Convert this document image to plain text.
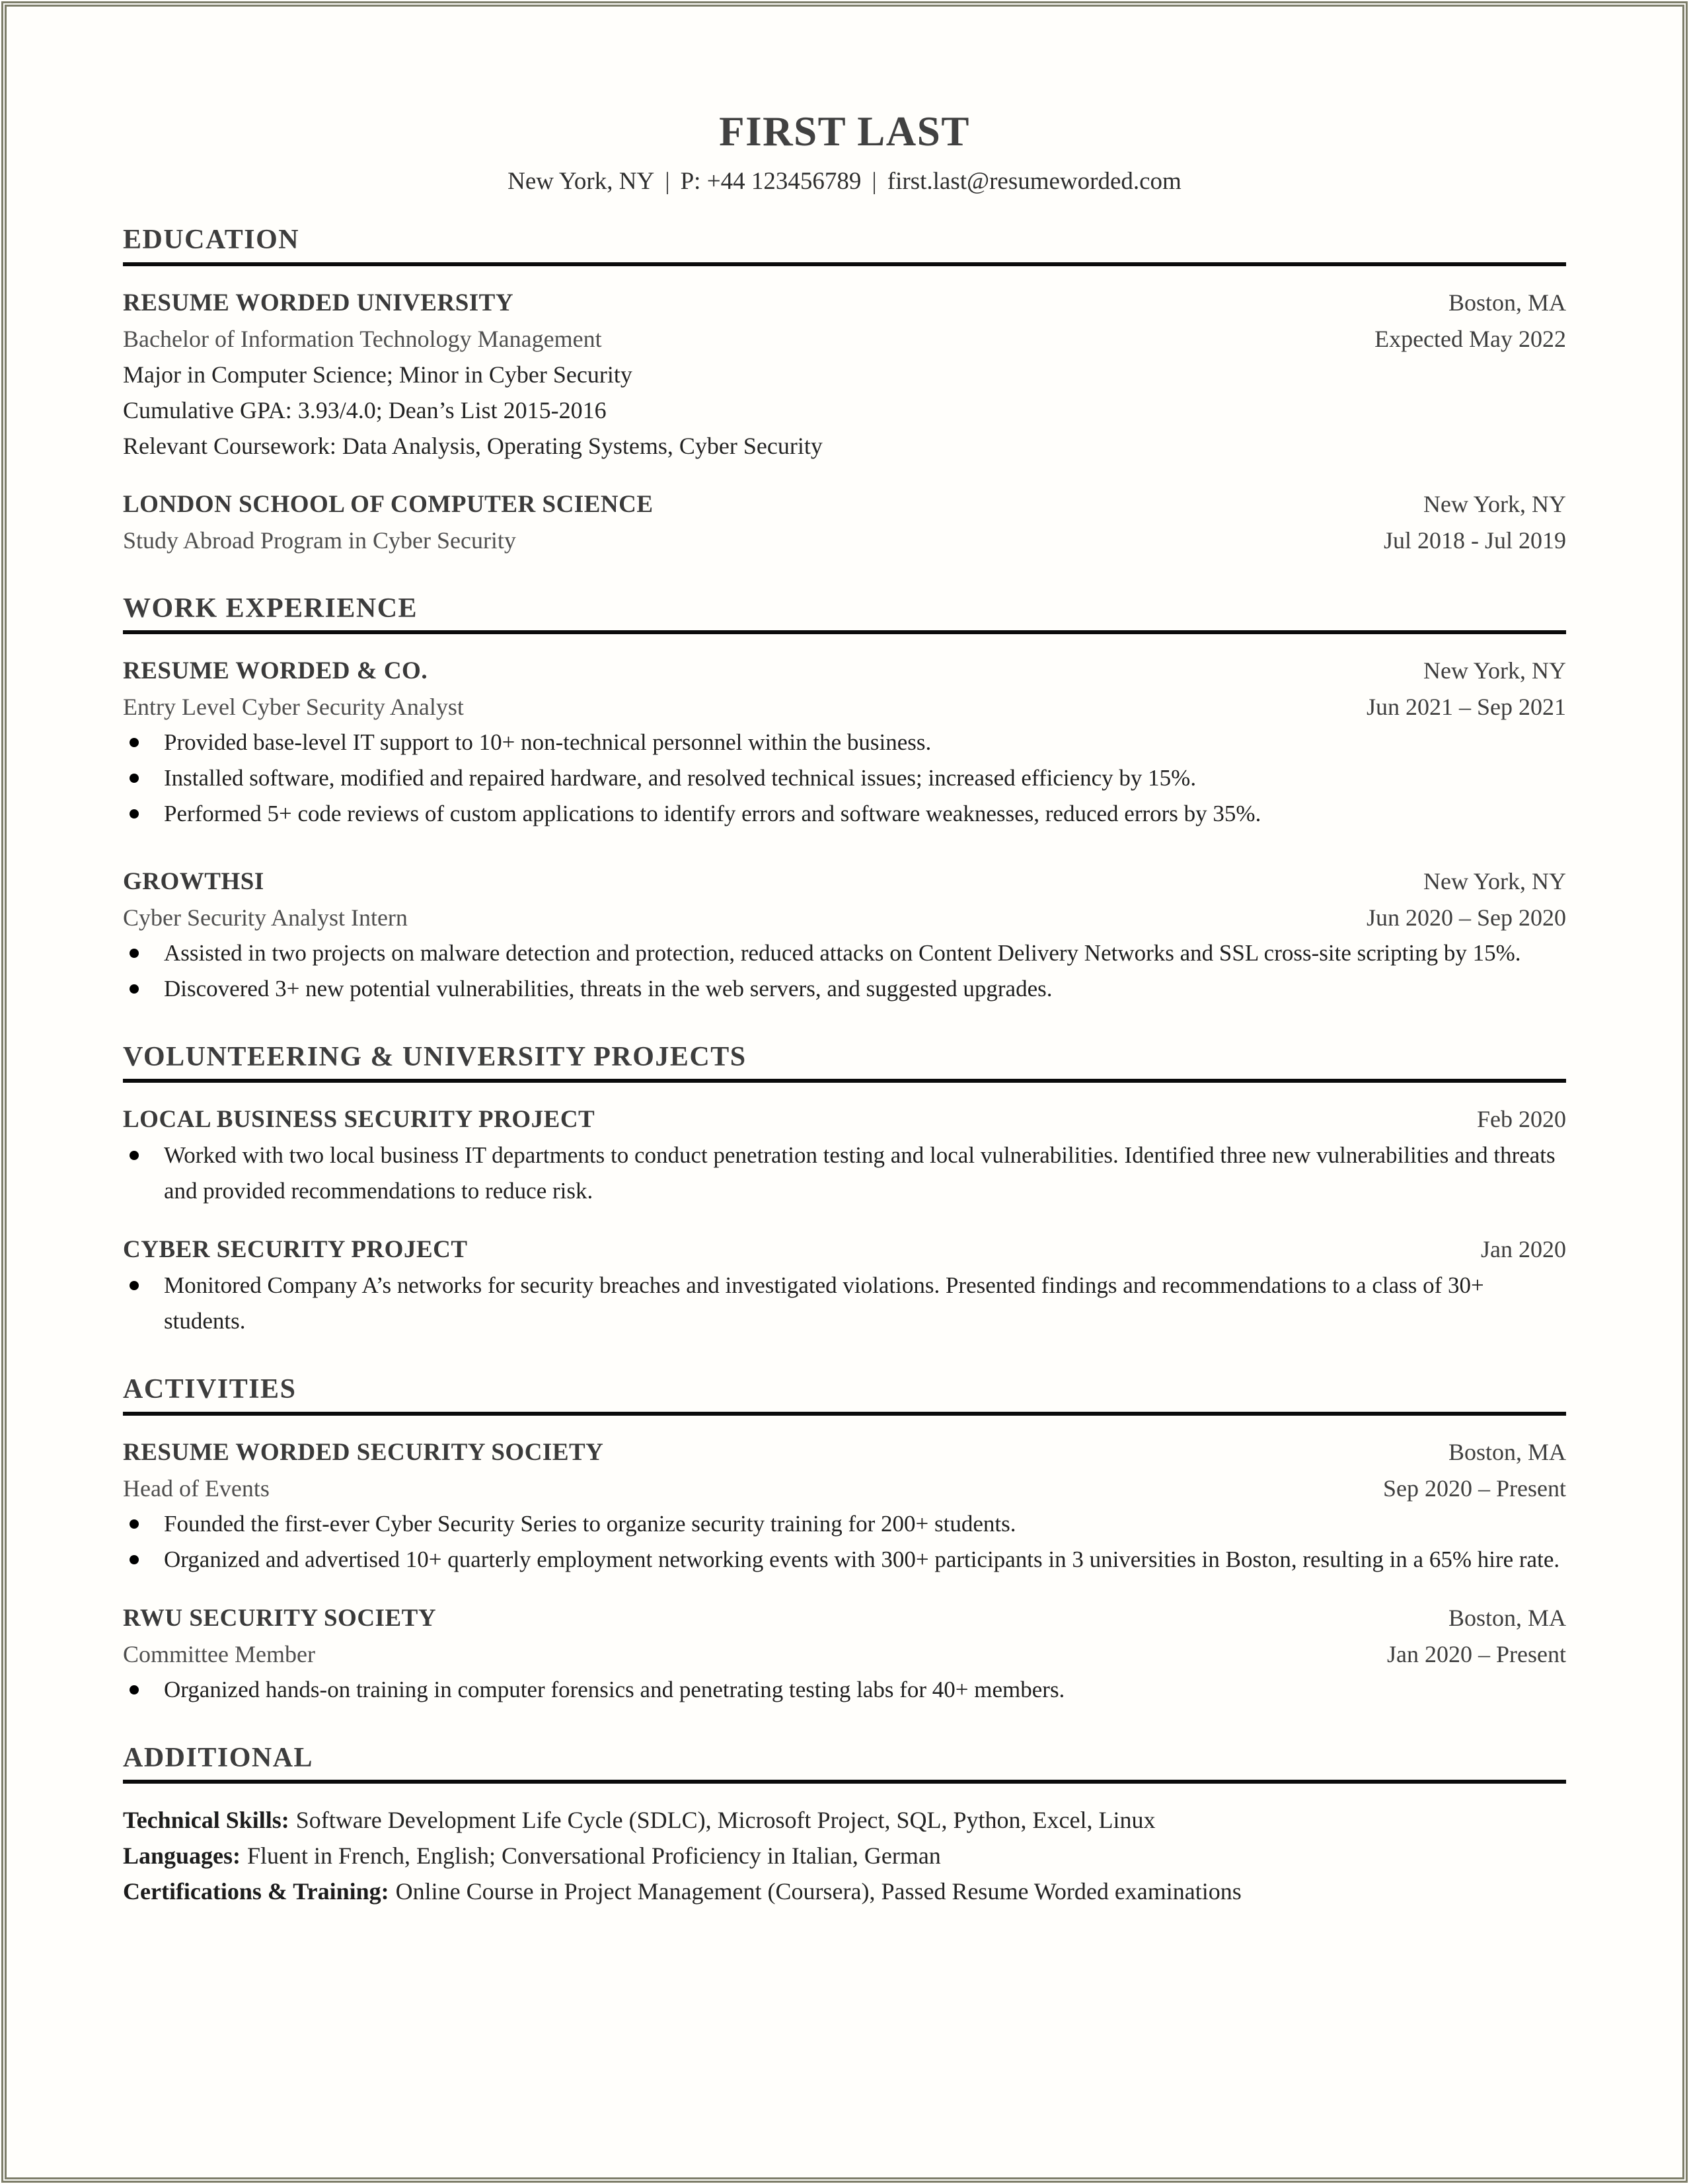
FIRST LAST
New York, NY | P: +44 123456789 | first.last@resumeworded.com
EDUCATION
RESUME WORDED UNIVERSITY	Boston, MA
Bachelor of Information Technology Management	Expected May 2022
Major in Computer Science; Minor in Cyber Security
Cumulative GPA: 3.93/4.0; Dean’s List 2015-2016
Relevant Coursework: Data Analysis, Operating Systems, Cyber Security
LONDON SCHOOL OF COMPUTER SCIENCE	New York, NY
Study Abroad Program in Cyber Security	Jul 2018 - Jul 2019
WORK EXPERIENCE
RESUME WORDED & CO.	New York, NY
Entry Level Cyber Security Analyst	Jun 2021 – Sep 2021
Provided base-level IT support to 10+ non-technical personnel within the business.
Installed software, modified and repaired hardware, and resolved technical issues; increased efficiency by 15%.
Performed 5+ code reviews of custom applications to identify errors and software weaknesses, reduced errors by 35%.
GROWTHSI	New York, NY
Cyber Security Analyst Intern	Jun 2020 – Sep 2020
Assisted in two projects on malware detection and protection, reduced attacks on Content Delivery Networks and SSL cross-site scripting by 15%.
Discovered 3+ new potential vulnerabilities, threats in the web servers, and suggested upgrades.
VOLUNTEERING & UNIVERSITY PROJECTS
LOCAL BUSINESS SECURITY PROJECT	Feb 2020
Worked with two local business IT departments to conduct penetration testing and local vulnerabilities. Identified three new vulnerabilities and threats and provided recommendations to reduce risk.
CYBER SECURITY PROJECT	Jan 2020
Monitored Company A’s networks for security breaches and investigated violations. Presented findings and recommendations to a class of 30+ students.
ACTIVITIES
RESUME WORDED SECURITY SOCIETY	Boston, MA
Head of Events	Sep 2020 – Present
Founded the first-ever Cyber Security Series to organize security training for 200+ students.
Organized and advertised 10+ quarterly employment networking events with 300+ participants in 3 universities in Boston, resulting in a 65% hire rate.
RWU SECURITY SOCIETY	Boston, MA
Committee Member	Jan 2020 – Present
Organized hands-on training in computer forensics and penetrating testing labs for 40+ members.
ADDITIONAL
Technical Skills: Software Development Life Cycle (SDLC), Microsoft Project, SQL, Python, Excel, Linux
Languages: Fluent in French, English; Conversational Proficiency in Italian, German
Certifications & Training: Online Course in Project Management (Coursera), Passed Resume Worded examinations
